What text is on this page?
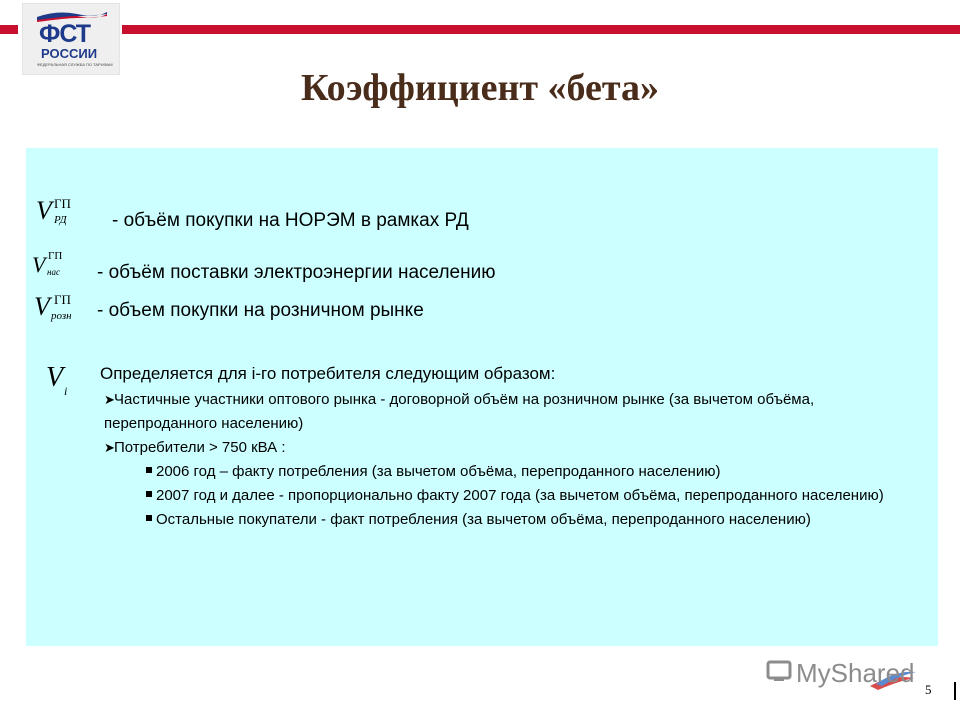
ФСТ
РОССИИ
ФЕДЕРАЛЬНАЯ СЛУЖБА ПО ТАРИФАМ
Коэффициент «бета»
V ГП
РД - объём покупки на НОРЭМ в рамках РД
V ГП
нас - объём поставки электроэнергии населению
V ГП
розн - объем покупки на розничном рынке
V i
Определяется для i-го потребителя следующим образом:
➤Частичные участники оптового рынка - договорной объём на розничном рынке (за вычетом объёма, перепроданного населению)
➤Потребители > 750 кВА :
2006 год – факту потребления (за вычетом объёма, перепроданного населению)
2007 год и далее - пропорционально факту 2007 года (за вычетом объёма, перепроданного населению)
Остальные покупатели - факт потребления (за вычетом объёма, перепроданного населению)
MyShared
5
